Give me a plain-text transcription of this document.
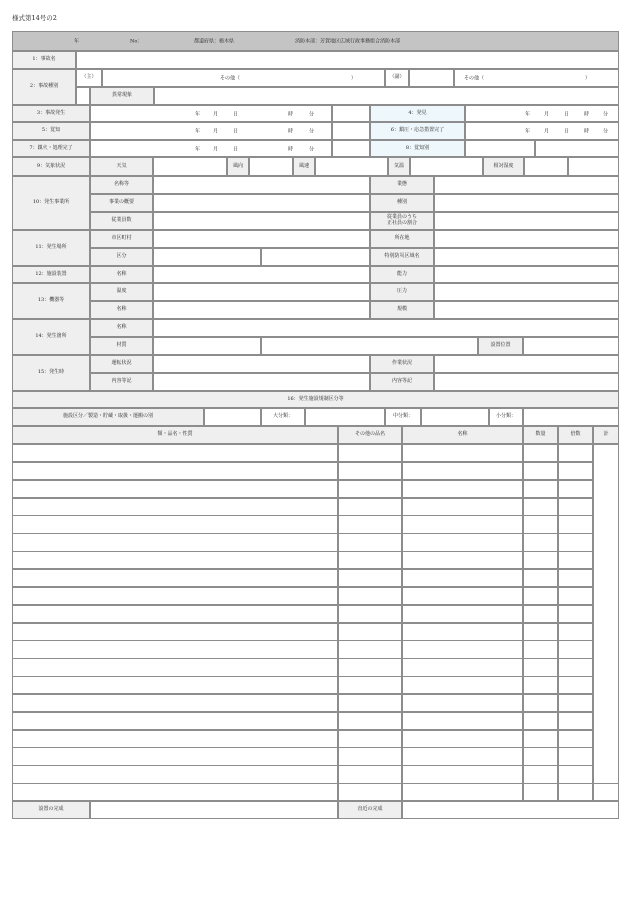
様式第14号の2
年	No：	都道府県：栃木県	消防本部：芳賀地区広域行政事務組合消防本部
1：事故名
2：事故種別
（主）	その他（	）	（副）	その他（	）
異常現象
3：事故発生	年	月	日	時	分	4：発見	年	月	日	時	分
5：覚知	年	月	日	時	分	6：鎮圧・応急措置完了	年	月	日	時	分
7：鎮火・処理完了	年	月	日	時	分	8：覚知別
9：気象状況	天気	風向	風速	気温	相対湿度
10：発生事業所
名称等	業態
事業の概要	種別
従業員数	従業員のうち
正社員の割合
11：発生場所
市区町村	所在地
区分	特別防災区域名
12：施設装置	名称	能力
13：機器等
温度	圧力
名称	規模
14：発生箇所
名称
材質	設置位置
15：発生時
運転状況	作業状況
内容等記	内容等記
16：発生施設規制区分等
施設区分／製造・貯蔵・取扱・運搬の別	大分類：	中分類：	小分類：
類・品名・性質	その他の品名	名称	数量	倍数	計
設置の完成	直近の完成
